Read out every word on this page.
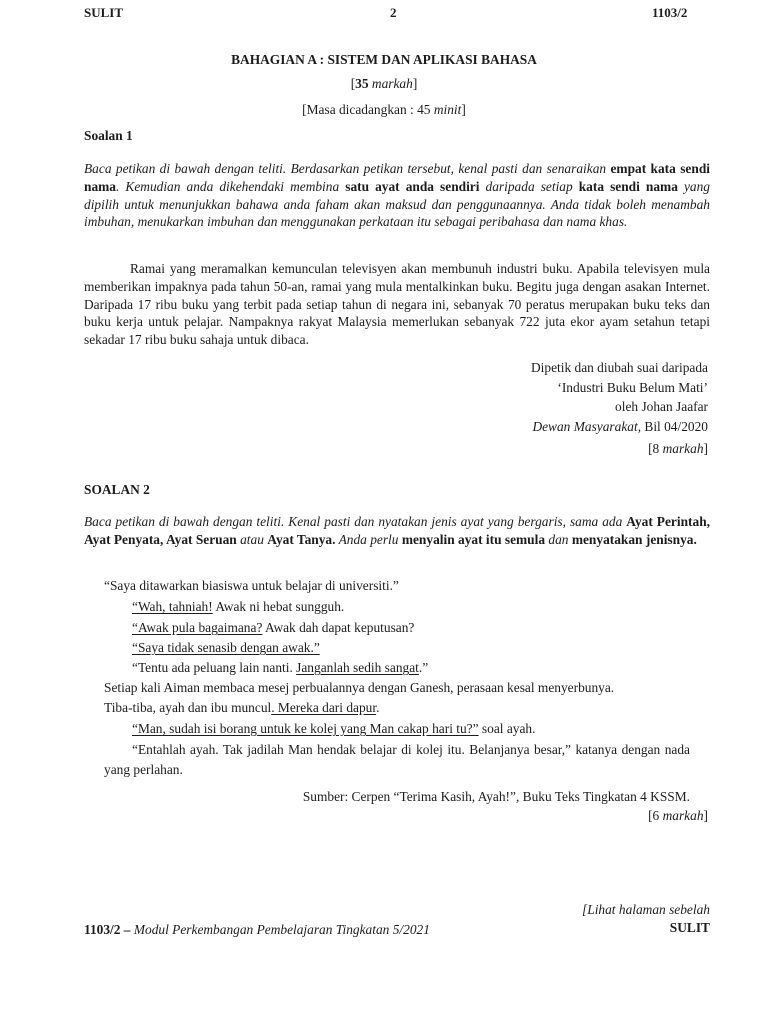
SULIT	2	1103/2
BAHAGIAN A : SISTEM DAN APLIKASI BAHASA
[35 markah]
[Masa dicadangkan : 45 minit]
Soalan 1
Baca petikan di bawah dengan teliti. Berdasarkan petikan tersebut, kenal pasti dan senaraikan empat kata sendi nama. Kemudian anda dikehendaki membina satu ayat anda sendiri daripada setiap kata sendi nama yang dipilih untuk menunjukkan bahawa anda faham akan maksud dan penggunaannya. Anda tidak boleh menambah imbuhan, menukarkan imbuhan dan menggunakan perkataan itu sebagai peribahasa dan nama khas.
Ramai yang meramalkan kemunculan televisyen akan membunuh industri buku. Apabila televisyen mula memberikan impaknya pada tahun 50-an, ramai yang mula mentalkinkan buku. Begitu juga dengan asakan Internet. Daripada 17 ribu buku yang terbit pada setiap tahun di negara ini, sebanyak 70 peratus merupakan buku teks dan buku kerja untuk pelajar. Nampaknya rakyat Malaysia memerlukan sebanyak 722 juta ekor ayam setahun tetapi sekadar 17 ribu buku sahaja untuk dibaca.
Dipetik dan diubah suai daripada
‘Industri Buku Belum Mati’
oleh Johan Jaafar
Dewan Masyarakat, Bil 04/2020
[8 markah]
SOALAN 2
Baca petikan di bawah dengan teliti. Kenal pasti dan nyatakan jenis ayat yang bergaris, sama ada Ayat Perintah, Ayat Penyata, Ayat Seruan atau Ayat Tanya. Anda perlu menyalin ayat itu semula dan menyatakan jenisnya.
“Saya ditawarkan biasiswa untuk belajar di universiti.”
“Wah, tahniah! Awak ni hebat sungguh.
“Awak pula bagaimana? Awak dah dapat keputusan?
“Saya tidak senasib dengan awak.”
“Tentu ada peluang lain nanti. Janganlah sedih sangat.”
Setiap kali Aiman membaca mesej perbualannya dengan Ganesh, perasaan kesal menyerbunya.
Tiba-tiba, ayah dan ibu muncul. Mereka dari dapur.
“Man, sudah isi borang untuk ke kolej yang Man cakap hari tu?” soal ayah.
“Entahlah ayah. Tak jadilah Man hendak belajar di kolej itu. Belanjanya besar,” katanya dengan nada yang perlahan.
Sumber: Cerpen “Terima Kasih, Ayah!”, Buku Teks Tingkatan 4 KSSM.
[6 markah]
[Lihat halaman sebelah
1103/2 – Modul Perkembangan Pembelajaran Tingkatan 5/2021	SULIT
